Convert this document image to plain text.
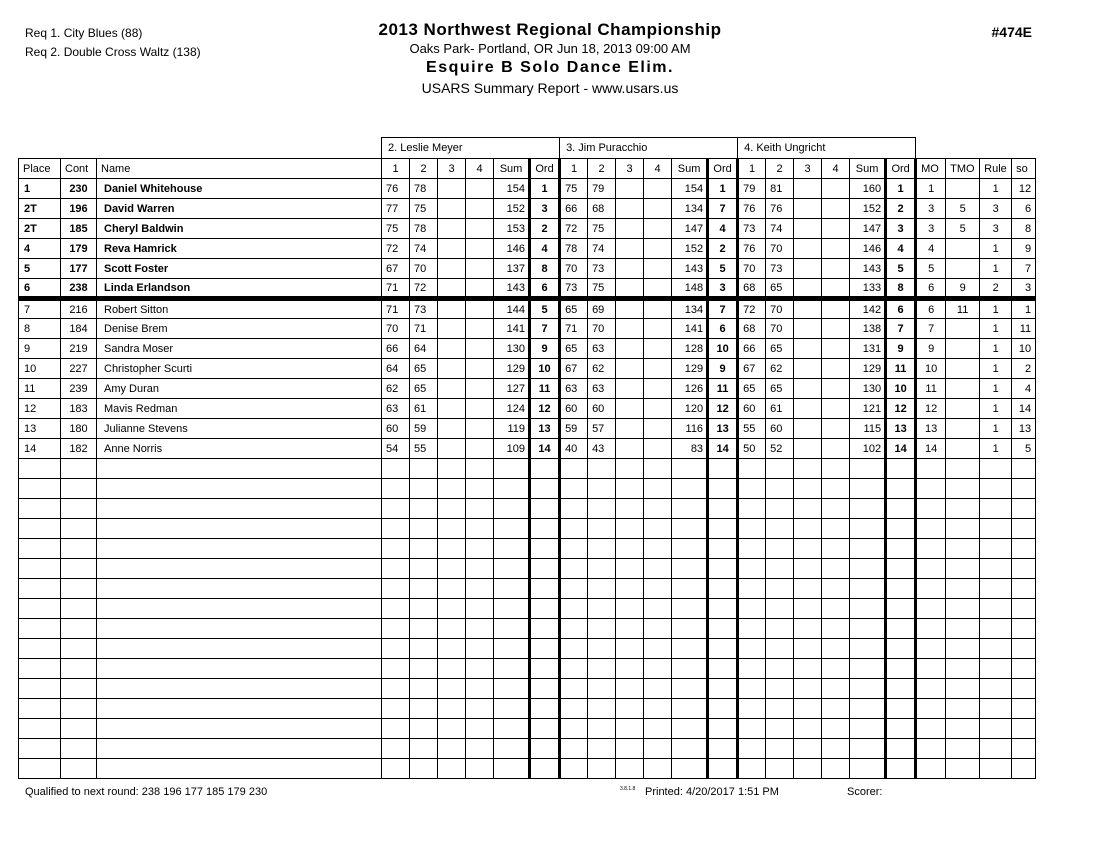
Req 1. City Blues (88)
Req 2. Double Cross Waltz (138)
2013 Northwest Regional Championship
Oaks Park- Portland, OR Jun 18, 2013 09:00 AM
Esquire B Solo Dance Elim.
USARS Summary Report - www.usars.us
#474E
			2. Leslie Meyer						3. Jim Puracchio						4. Keith Ungricht									
Place	Cont	Name	1	2	3	4	Sum	Ord	1	2	3	4	Sum	Ord	1	2	3	4	Sum	Ord	MO	TMO	Rule	so
1	230	Daniel Whitehouse	76	78			154	1	75	79			154	1	79	81			160	1	1		1	12
2T	196	David Warren	77	75			152	3	66	68			134	7	76	76			152	2	3	5	3	6
2T	185	Cheryl Baldwin	75	78			153	2	72	75			147	4	73	74			147	3	3	5	3	8
4	179	Reva Hamrick	72	74			146	4	78	74			152	2	76	70			146	4	4		1	9
5	177	Scott Foster	67	70			137	8	70	73			143	5	70	73			143	5	5		1	7
6	238	Linda Erlandson	71	72			143	6	73	75			148	3	68	65			133	8	6	9	2	3
7	216	Robert Sitton	71	73			144	5	65	69			134	7	72	70			142	6	6	11	1	1
8	184	Denise Brem	70	71			141	7	71	70			141	6	68	70			138	7	7		1	11
9	219	Sandra Moser	66	64			130	9	65	63			128	10	66	65			131	9	9		1	10
10	227	Christopher Scurti	64	65			129	10	67	62			129	9	67	62			129	11	10		1	2
11	239	Amy Duran	62	65			127	11	63	63			126	11	65	65			130	10	11		1	4
12	183	Mavis Redman	63	61			124	12	60	60			120	12	60	61			121	12	12		1	14
13	180	Julianne Stevens	60	59			119	13	59	57			116	13	55	60			115	13	13		1	13
14	182	Anne Norris	54	55			109	14	40	43			83	14	50	52			102	14	14		1	5

Qualified to next round: 238 196 177 185 179 230	3.8.1.8 Printed: 4/20/2017 1:51 PM	Scorer:
